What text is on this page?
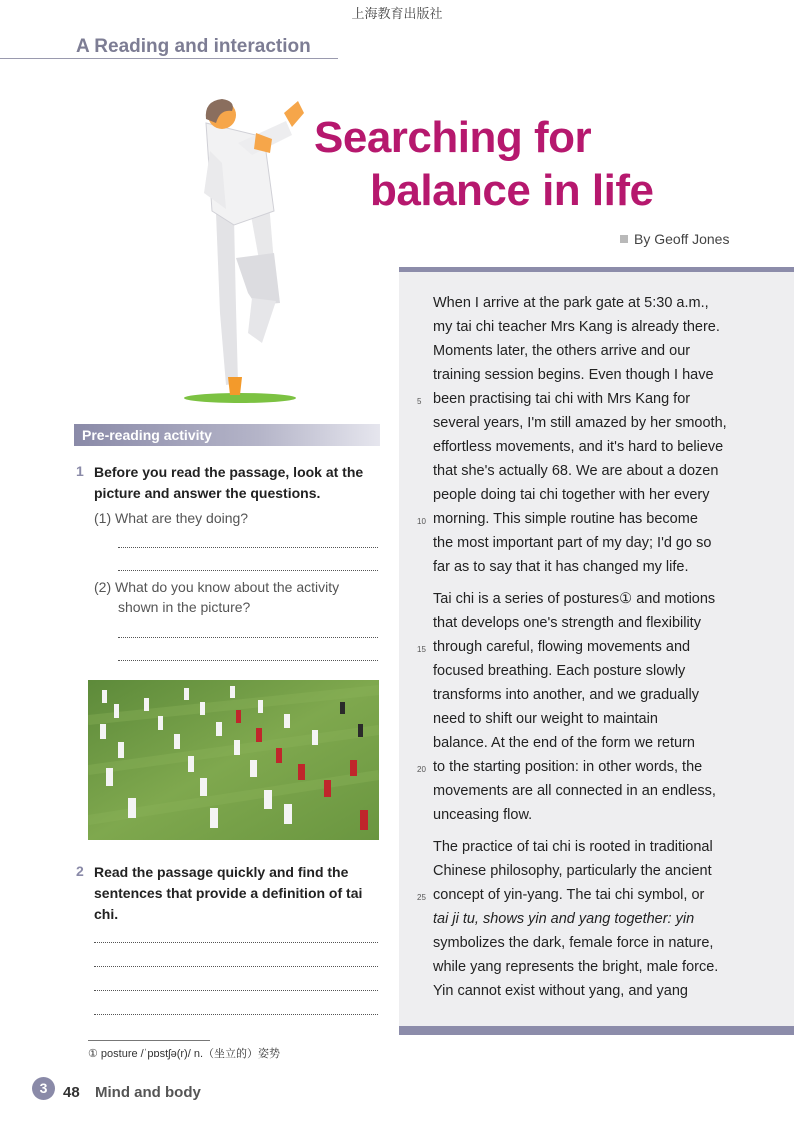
上海教育出版社
A Reading and interaction
Searching for
balance in life
By Geoff Jones
Pre-reading activity
1 Before you read the passage, look at the
picture and answer the questions.
(1) What are they doing?
(2) What do you know about the activity
shown in the picture?
2 Read the passage quickly and find the
sentences that provide a definition of tai
chi.
When I arrive at the park gate at 5:30 a.m.,
my tai chi teacher Mrs Kang is already there.
Moments later, the others arrive and our
training session begins. Even though I have
been practising tai chi with Mrs Kang for
several years, I'm still amazed by her smooth,
effortless movements, and it's hard to believe
that she's actually 68. We are about a dozen
people doing tai chi together with her every
morning. This simple routine has become
the most important part of my day; I'd go so
far as to say that it has changed my life.
Tai chi is a series of postures① and motions
that develops one's strength and flexibility
through careful, flowing movements and
focused breathing. Each posture slowly
transforms into another, and we gradually
need to shift our weight to maintain
balance. At the end of the form we return
to the starting position: in other words, the
movements are all connected in an endless,
unceasing flow.
The practice of tai chi is rooted in traditional
Chinese philosophy, particularly the ancient
concept of yin-yang. The tai chi symbol, or
tai ji tu, shows yin and yang together: yin
symbolizes the dark, female force in nature,
while yang represents the bright, male force.
Yin cannot exist without yang, and yang
5
10
15
20
25
① posture /ˈpɒstʃə(r)/ n.（坐立的）姿势
3	48 Mind and body
